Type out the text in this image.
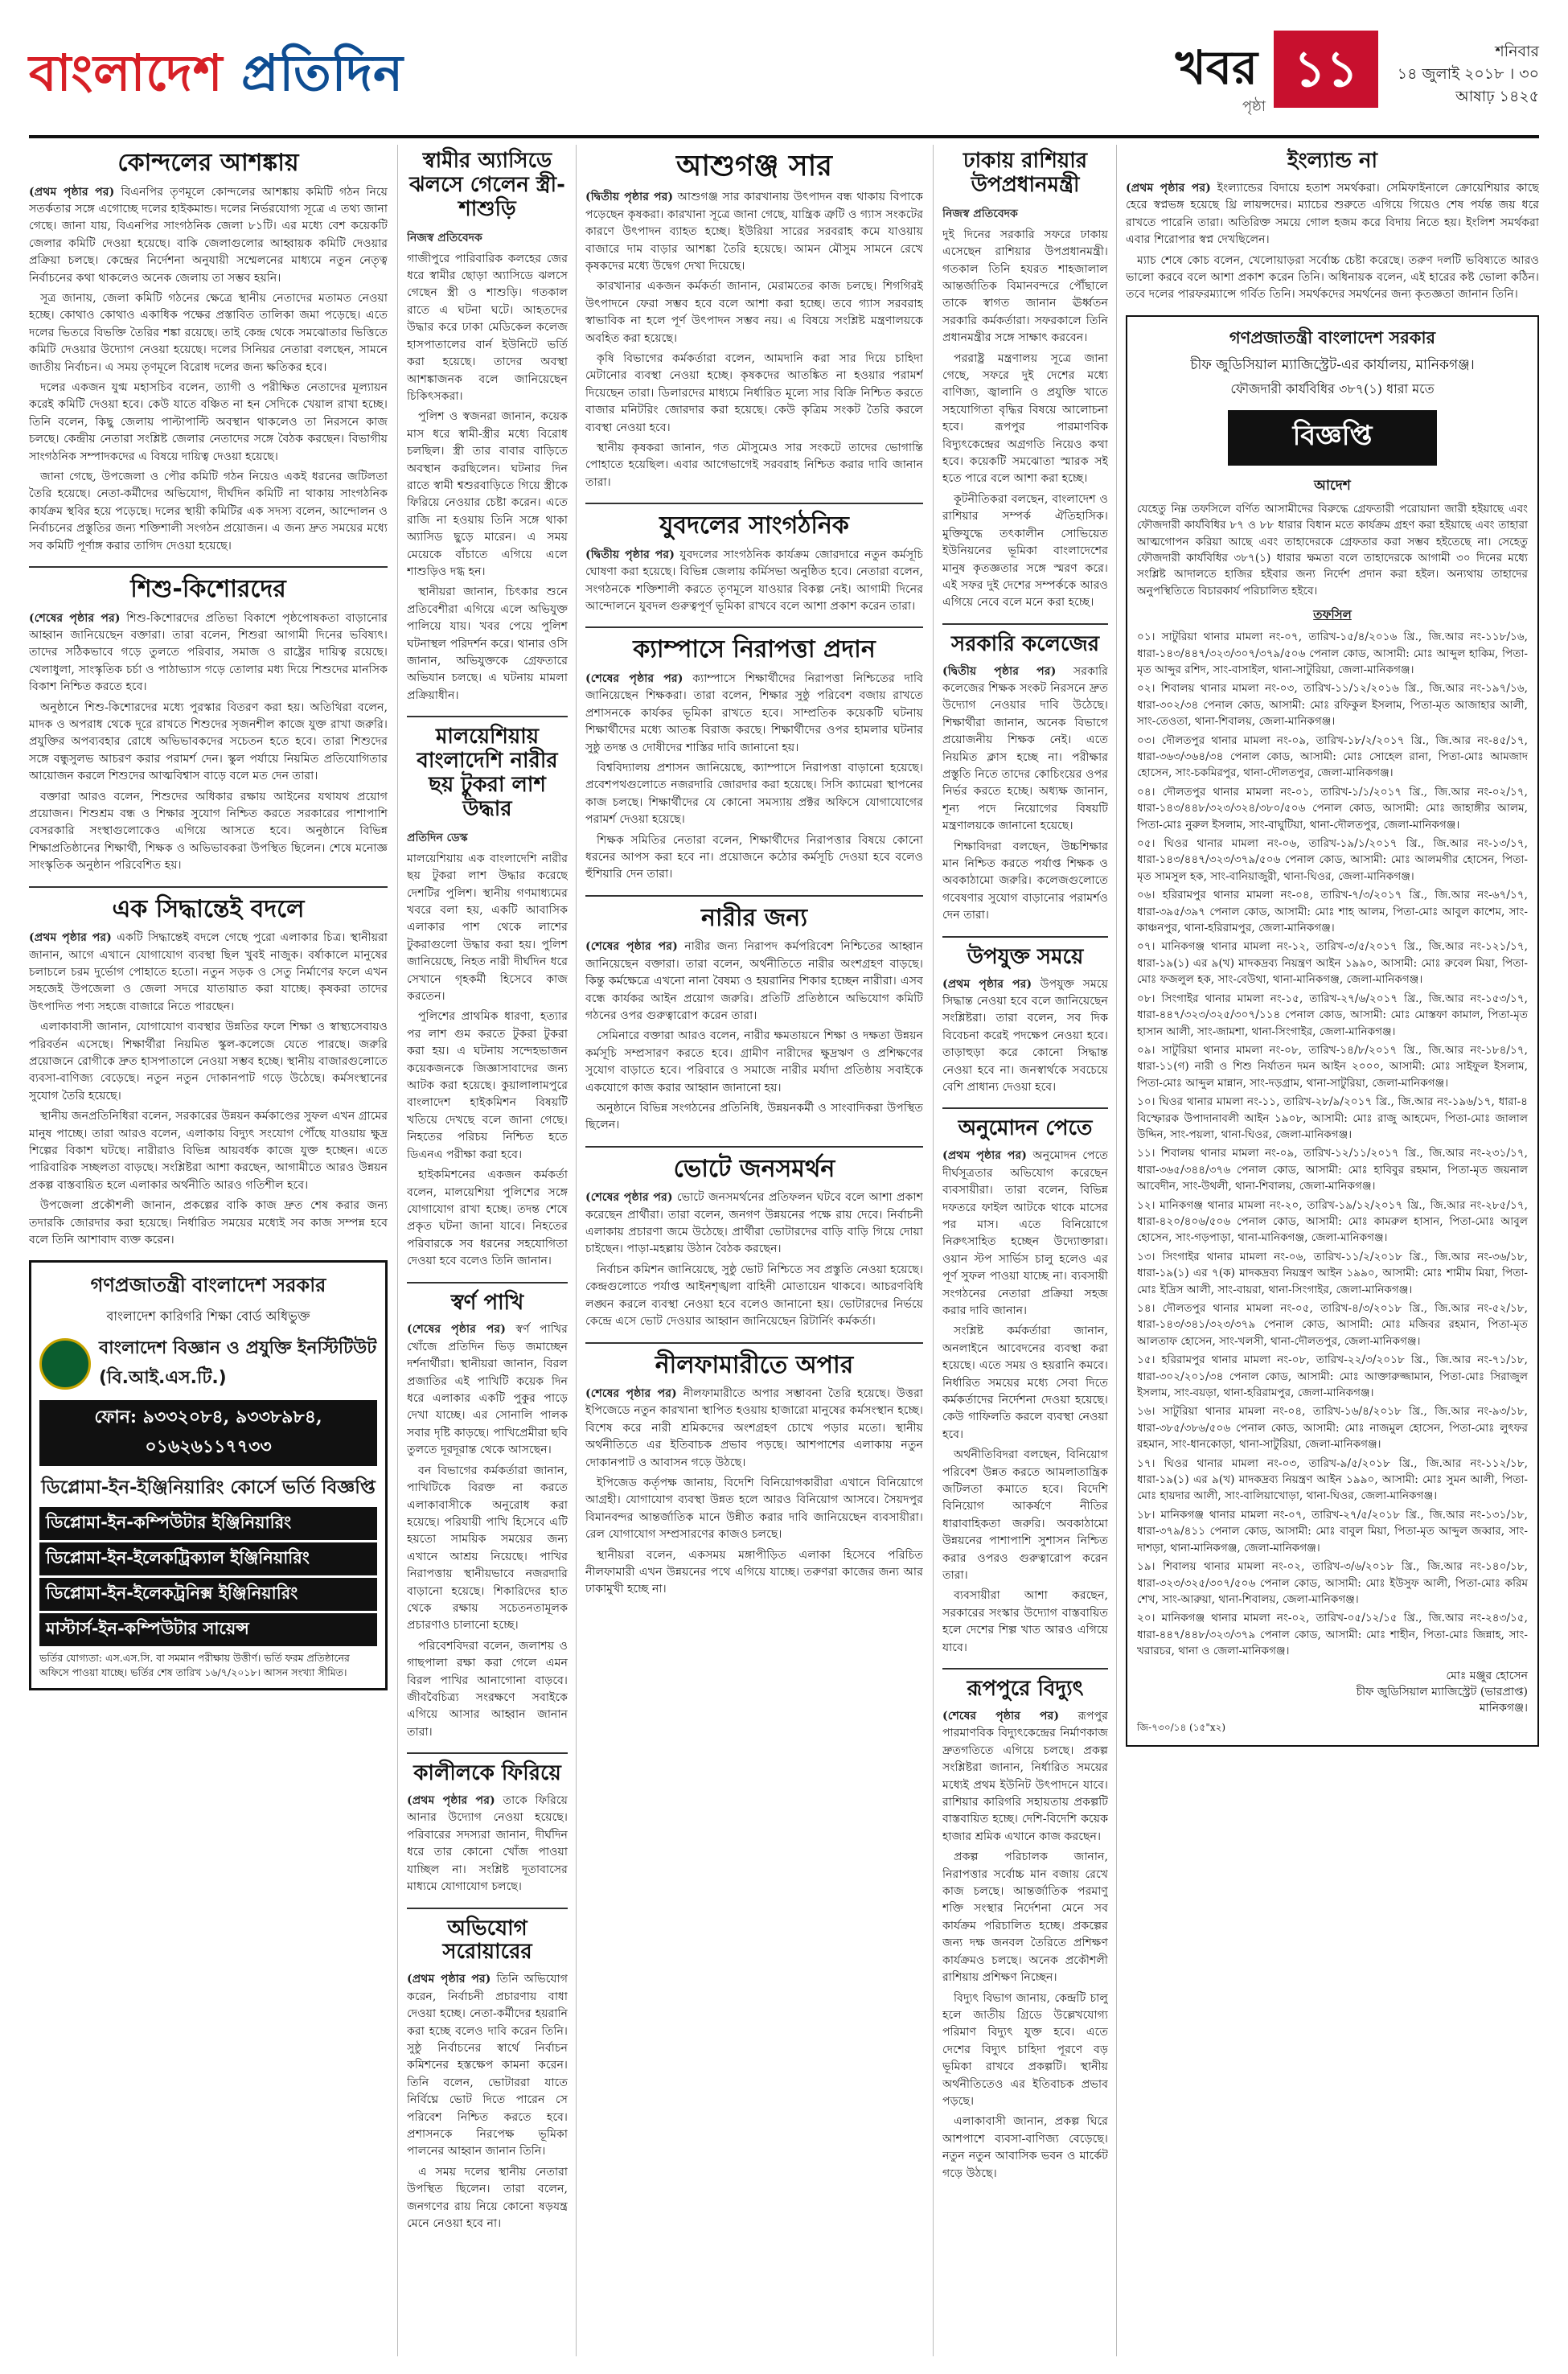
বাংলাদেশ প্রতিদিন	খবর
পৃষ্ঠা
১১	শনিবার
১৪ জুলাই ২০১৮ । ৩০ আষাঢ় ১৪২৫
কোন্দলের আশঙ্কায়

(প্রথম পৃষ্ঠার পর) বিএনপির তৃণমূলে কোন্দলের আশঙ্কায় কমিটি গঠন নিয়ে সতর্কতার সঙ্গে এগোচ্ছে দলের হাইকমান্ড। দলের নির্ভরযোগ্য সূত্রে এ তথ্য জানা গেছে। জানা যায়, বিএনপির সাংগঠনিক জেলা ৮১টি। এর মধ্যে বেশ কয়েকটি জেলার কমিটি দেওয়া হয়েছে। বাকি জেলাগুলোর আহ্বায়ক কমিটি দেওয়ার প্রক্রিয়া চলছে। কেন্দ্রের নির্দেশনা অনুযায়ী সম্মেলনের মাধ্যমে নতুন নেতৃত্ব নির্বাচনের কথা থাকলেও অনেক জেলায় তা সম্ভব হয়নি।

সূত্র জানায়, জেলা কমিটি গঠনের ক্ষেত্রে স্থানীয় নেতাদের মতামত নেওয়া হচ্ছে। কোথাও কোথাও একাধিক পক্ষের প্রস্তাবিত তালিকা জমা পড়েছে। এতে দলের ভিতরে বিভক্তি তৈরির শঙ্কা রয়েছে। তাই কেন্দ্র থেকে সমঝোতার ভিত্তিতে কমিটি দেওয়ার উদ্যোগ নেওয়া হয়েছে। দলের সিনিয়র নেতারা বলছেন, সামনে জাতীয় নির্বাচন। এ সময় তৃণমূলে বিরোধ দলের জন্য ক্ষতিকর হবে।

দলের একজন যুগ্ম মহাসচিব বলেন, ত্যাগী ও পরীক্ষিত নেতাদের মূল্যায়ন করেই কমিটি দেওয়া হবে। কেউ যাতে বঞ্চিত না হন সেদিকে খেয়াল রাখা হচ্ছে। তিনি বলেন, কিছু জেলায় পাল্টাপাল্টি অবস্থান থাকলেও তা নিরসনে কাজ চলছে। কেন্দ্রীয় নেতারা সংশ্লিষ্ট জেলার নেতাদের সঙ্গে বৈঠক করছেন। বিভাগীয় সাংগঠনিক সম্পাদকদের এ বিষয়ে দায়িত্ব দেওয়া হয়েছে।

জানা গেছে, উপজেলা ও পৌর কমিটি গঠন নিয়েও একই ধরনের জটিলতা তৈরি হয়েছে। নেতা-কর্মীদের অভিযোগ, দীর্ঘদিন কমিটি না থাকায় সাংগঠনিক কার্যক্রম স্থবির হয়ে পড়েছে। দলের স্থায়ী কমিটির এক সদস্য বলেন, আন্দোলন ও নির্বাচনের প্রস্তুতির জন্য শক্তিশালী সংগঠন প্রয়োজন। এ জন্য দ্রুত সময়ের মধ্যে সব কমিটি পূর্ণাঙ্গ করার তাগিদ দেওয়া হয়েছে।

শিশু-কিশোরদের

(শেষের পৃষ্ঠার পর) শিশু-কিশোরদের প্রতিভা বিকাশে পৃষ্ঠপোষকতা বাড়ানোর আহ্বান জানিয়েছেন বক্তারা। তারা বলেন, শিশুরা আগামী দিনের ভবিষ্যৎ। তাদের সঠিকভাবে গড়ে তুলতে পরিবার, সমাজ ও রাষ্ট্রের দায়িত্ব রয়েছে। খেলাধুলা, সাংস্কৃতিক চর্চা ও পাঠাভ্যাস গড়ে তোলার মধ্য দিয়ে শিশুদের মানসিক বিকাশ নিশ্চিত করতে হবে।

অনুষ্ঠানে শিশু-কিশোরদের মধ্যে পুরস্কার বিতরণ করা হয়। অতিথিরা বলেন, মাদক ও অপরাধ থেকে দূরে রাখতে শিশুদের সৃজনশীল কাজে যুক্ত রাখা জরুরি। প্রযুক্তির অপব্যবহার রোধে অভিভাবকদের সচেতন হতে হবে। তারা শিশুদের সঙ্গে বন্ধুসুলভ আচরণ করার পরামর্শ দেন। স্কুল পর্যায়ে নিয়মিত প্রতিযোগিতার আয়োজন করলে শিশুদের আত্মবিশ্বাস বাড়ে বলে মত দেন তারা।

বক্তারা আরও বলেন, শিশুদের অধিকার রক্ষায় আইনের যথাযথ প্রয়োগ প্রয়োজন। শিশুশ্রম বন্ধ ও শিক্ষার সুযোগ নিশ্চিত করতে সরকারের পাশাপাশি বেসরকারি সংস্থাগুলোকেও এগিয়ে আসতে হবে। অনুষ্ঠানে বিভিন্ন শিক্ষাপ্রতিষ্ঠানের শিক্ষার্থী, শিক্ষক ও অভিভাবকরা উপস্থিত ছিলেন। শেষে মনোজ্ঞ সাংস্কৃতিক অনুষ্ঠান পরিবেশিত হয়।

এক সিদ্ধান্তেই বদলে

(প্রথম পৃষ্ঠার পর) একটি সিদ্ধান্তেই বদলে গেছে পুরো এলাকার চিত্র। স্থানীয়রা জানান, আগে এখানে যোগাযোগ ব্যবস্থা ছিল খুবই নাজুক। বর্ষাকালে মানুষের চলাচলে চরম দুর্ভোগ পোহাতে হতো। নতুন সড়ক ও সেতু নির্মাণের ফলে এখন সহজেই উপজেলা ও জেলা সদরে যাতায়াত করা যাচ্ছে। কৃষকরা তাদের উৎপাদিত পণ্য সহজে বাজারে নিতে পারছেন।

এলাকাবাসী জানান, যোগাযোগ ব্যবস্থার উন্নতির ফলে শিক্ষা ও স্বাস্থ্যসেবায়ও পরিবর্তন এসেছে। শিক্ষার্থীরা নিয়মিত স্কুল-কলেজে যেতে পারছে। জরুরি প্রয়োজনে রোগীকে দ্রুত হাসপাতালে নেওয়া সম্ভব হচ্ছে। স্থানীয় বাজারগুলোতে ব্যবসা-বাণিজ্য বেড়েছে। নতুন নতুন দোকানপাট গড়ে উঠেছে। কর্মসংস্থানের সুযোগ তৈরি হয়েছে।

স্থানীয় জনপ্রতিনিধিরা বলেন, সরকারের উন্নয়ন কর্মকাণ্ডের সুফল এখন গ্রামের মানুষ পাচ্ছে। তারা আরও বলেন, এলাকায় বিদ্যুৎ সংযোগ পৌঁছে যাওয়ায় ক্ষুদ্র শিল্পের বিকাশ ঘটছে। নারীরাও বিভিন্ন আয়বর্ধক কাজে যুক্ত হচ্ছেন। এতে পারিবারিক সচ্ছলতা বাড়ছে। সংশ্লিষ্টরা আশা করছেন, আগামীতে আরও উন্নয়ন প্রকল্প বাস্তবায়িত হলে এলাকার অর্থনীতি আরও গতিশীল হবে।

উপজেলা প্রকৌশলী জানান, প্রকল্পের বাকি কাজ দ্রুত শেষ করার জন্য তদারকি জোরদার করা হয়েছে। নির্ধারিত সময়ের মধ্যেই সব কাজ সম্পন্ন হবে বলে তিনি আশাবাদ ব্যক্ত করেন।

গণপ্রজাতন্ত্রী বাংলাদেশ সরকার
বাংলাদেশ কারিগরি শিক্ষা বোর্ড অধিভুক্ত
বাংলাদেশ বিজ্ঞান ও প্রযুক্তি ইনস্টিটিউট (বি.আই.এস.টি.)
ফোন: ৯৩৩২০৮৪, ৯৩৩৮৯৮৪, ০১৬২৬১১৭৭৩৩
ডিপ্লোমা-ইন-ইঞ্জিনিয়ারিং কোর্সে ভর্তি বিজ্ঞপ্তি
ডিপ্লোমা-ইন-কম্পিউটার ইঞ্জিনিয়ারিং
ডিপ্লোমা-ইন-ইলেকট্রিক্যাল ইঞ্জিনিয়ারিং
ডিপ্লোমা-ইন-ইলেকট্রনিক্স ইঞ্জিনিয়ারিং
মাস্টার্স-ইন-কম্পিউটার সায়েন্স
ভর্তির যোগ্যতা: এস.এস.সি. বা সমমান পরীক্ষায় উত্তীর্ণ। ভর্তি ফরম প্রতিষ্ঠানের অফিসে পাওয়া যাচ্ছে। ভর্তির শেষ তারিখ ১৬/৭/২০১৮। আসন সংখ্যা সীমিত।
স্বামীর অ্যাসিডে ঝলসে গেলেন স্ত্রী-শাশুড়ি
নিজস্ব প্রতিবেদক

গাজীপুরে পারিবারিক কলহের জের ধরে স্বামীর ছোড়া অ্যাসিডে ঝলসে গেছেন স্ত্রী ও শাশুড়ি। গতকাল রাতে এ ঘটনা ঘটে। আহতদের উদ্ধার করে ঢাকা মেডিকেল কলেজ হাসপাতালের বার্ন ইউনিটে ভর্তি করা হয়েছে। তাদের অবস্থা আশঙ্কাজনক বলে জানিয়েছেন চিকিৎসকরা।

পুলিশ ও স্বজনরা জানান, কয়েক মাস ধরে স্বামী-স্ত্রীর মধ্যে বিরোধ চলছিল। স্ত্রী তার বাবার বাড়িতে অবস্থান করছিলেন। ঘটনার দিন রাতে স্বামী শ্বশুরবাড়িতে গিয়ে স্ত্রীকে ফিরিয়ে নেওয়ার চেষ্টা করেন। এতে রাজি না হওয়ায় তিনি সঙ্গে থাকা অ্যাসিড ছুড়ে মারেন। এ সময় মেয়েকে বাঁচাতে এগিয়ে এলে শাশুড়িও দগ্ধ হন।

স্থানীয়রা জানান, চিৎকার শুনে প্রতিবেশীরা এগিয়ে এলে অভিযুক্ত পালিয়ে যায়। খবর পেয়ে পুলিশ ঘটনাস্থল পরিদর্শন করে। থানার ওসি জানান, অভিযুক্তকে গ্রেফতারে অভিযান চলছে। এ ঘটনায় মামলা প্রক্রিয়াধীন।

মালয়েশিয়ায় বাংলাদেশি নারীর ছয় টুকরা লাশ উদ্ধার
প্রতিদিন ডেস্ক

মালয়েশিয়ায় এক বাংলাদেশি নারীর ছয় টুকরা লাশ উদ্ধার করেছে দেশটির পুলিশ। স্থানীয় গণমাধ্যমের খবরে বলা হয়, একটি আবাসিক এলাকার পাশ থেকে লাশের টুকরাগুলো উদ্ধার করা হয়। পুলিশ জানিয়েছে, নিহত নারী দীর্ঘদিন ধরে সেখানে গৃহকর্মী হিসেবে কাজ করতেন।

পুলিশের প্রাথমিক ধারণা, হত্যার পর লাশ গুম করতে টুকরা টুকরা করা হয়। এ ঘটনায় সন্দেহভাজন কয়েকজনকে জিজ্ঞাসাবাদের জন্য আটক করা হয়েছে। কুয়ালালামপুরে বাংলাদেশ হাইকমিশন বিষয়টি খতিয়ে দেখছে বলে জানা গেছে। নিহতের পরিচয় নিশ্চিত হতে ডিএনএ পরীক্ষা করা হবে।

হাইকমিশনের একজন কর্মকর্তা বলেন, মালয়েশিয়া পুলিশের সঙ্গে যোগাযোগ রাখা হচ্ছে। তদন্ত শেষে প্রকৃত ঘটনা জানা যাবে। নিহতের পরিবারকে সব ধরনের সহযোগিতা দেওয়া হবে বলেও তিনি জানান।

স্বর্ণ পাখি

(শেষের পৃষ্ঠার পর) স্বর্ণ পাখির খোঁজে প্রতিদিন ভিড় জমাচ্ছেন দর্শনার্থীরা। স্থানীয়রা জানান, বিরল প্রজাতির এই পাখিটি কয়েক দিন ধরে এলাকার একটি পুকুর পাড়ে দেখা যাচ্ছে। এর সোনালি পালক সবার দৃষ্টি কাড়ছে। পাখিপ্রেমীরা ছবি তুলতে দূরদূরান্ত থেকে আসছেন।

বন বিভাগের কর্মকর্তারা জানান, পাখিটিকে বিরক্ত না করতে এলাকাবাসীকে অনুরোধ করা হয়েছে। পরিযায়ী পাখি হিসেবে এটি হয়তো সাময়িক সময়ের জন্য এখানে আশ্রয় নিয়েছে। পাখির নিরাপত্তায় স্থানীয়ভাবে নজরদারি বাড়ানো হয়েছে। শিকারিদের হাত থেকে রক্ষায় সচেতনতামূলক প্রচারণাও চালানো হচ্ছে।

পরিবেশবিদরা বলেন, জলাশয় ও গাছপালা রক্ষা করা গেলে এমন বিরল পাখির আনাগোনা বাড়বে। জীববৈচিত্র্য সংরক্ষণে সবাইকে এগিয়ে আসার আহ্বান জানান তারা।

কালীলকে ফিরিয়ে

(প্রথম পৃষ্ঠার পর) তাকে ফিরিয়ে আনার উদ্যোগ নেওয়া হয়েছে। পরিবারের সদস্যরা জানান, দীর্ঘদিন ধরে তার কোনো খোঁজ পাওয়া যাচ্ছিল না। সংশ্লিষ্ট দূতাবাসের মাধ্যমে যোগাযোগ চলছে।

অভিযোগ সরোয়ারের

(প্রথম পৃষ্ঠার পর) তিনি অভিযোগ করেন, নির্বাচনী প্রচারণায় বাধা দেওয়া হচ্ছে। নেতা-কর্মীদের হয়রানি করা হচ্ছে বলেও দাবি করেন তিনি। সুষ্ঠু নির্বাচনের স্বার্থে নির্বাচন কমিশনের হস্তক্ষেপ কামনা করেন। তিনি বলেন, ভোটাররা যাতে নির্বিঘ্নে ভোট দিতে পারেন সে পরিবেশ নিশ্চিত করতে হবে। প্রশাসনকে নিরপেক্ষ ভূমিকা পালনের আহ্বান জানান তিনি।

এ সময় দলের স্থানীয় নেতারা উপস্থিত ছিলেন। তারা বলেন, জনগণের রায় নিয়ে কোনো ষড়যন্ত্র মেনে নেওয়া হবে না।

আশুগঞ্জ সার

(দ্বিতীয় পৃষ্ঠার পর) আশুগঞ্জ সার কারখানায় উৎপাদন বন্ধ থাকায় বিপাকে পড়েছেন কৃষকরা। কারখানা সূত্রে জানা গেছে, যান্ত্রিক ত্রুটি ও গ্যাস সংকটের কারণে উৎপাদন ব্যাহত হচ্ছে। ইউরিয়া সারের সরবরাহ কমে যাওয়ায় বাজারে দাম বাড়ার আশঙ্কা তৈরি হয়েছে। আমন মৌসুম সামনে রেখে কৃষকদের মধ্যে উদ্বেগ দেখা দিয়েছে।

কারখানার একজন কর্মকর্তা জানান, মেরামতের কাজ চলছে। শিগগিরই উৎপাদনে ফেরা সম্ভব হবে বলে আশা করা হচ্ছে। তবে গ্যাস সরবরাহ স্বাভাবিক না হলে পূর্ণ উৎপাদন সম্ভব নয়। এ বিষয়ে সংশ্লিষ্ট মন্ত্রণালয়কে অবহিত করা হয়েছে।

কৃষি বিভাগের কর্মকর্তারা বলেন, আমদানি করা সার দিয়ে চাহিদা মেটানোর ব্যবস্থা নেওয়া হচ্ছে। কৃষকদের আতঙ্কিত না হওয়ার পরামর্শ দিয়েছেন তারা। ডিলারদের মাধ্যমে নির্ধারিত মূল্যে সার বিক্রি নিশ্চিত করতে বাজার মনিটরিং জোরদার করা হয়েছে। কেউ কৃত্রিম সংকট তৈরি করলে ব্যবস্থা নেওয়া হবে।

স্থানীয় কৃষকরা জানান, গত মৌসুমেও সার সংকটে তাদের ভোগান্তি পোহাতে হয়েছিল। এবার আগেভাগেই সরবরাহ নিশ্চিত করার দাবি জানান তারা।

যুবদলের সাংগঠনিক

(দ্বিতীয় পৃষ্ঠার পর) যুবদলের সাংগঠনিক কার্যক্রম জোরদারে নতুন কর্মসূচি ঘোষণা করা হয়েছে। বিভিন্ন জেলায় কর্মিসভা অনুষ্ঠিত হবে। নেতারা বলেন, সংগঠনকে শক্তিশালী করতে তৃণমূলে যাওয়ার বিকল্প নেই। আগামী দিনের আন্দোলনে যুবদল গুরুত্বপূর্ণ ভূমিকা রাখবে বলে আশা প্রকাশ করেন তারা।

ক্যাম্পাসে নিরাপত্তা প্রদান

(শেষের পৃষ্ঠার পর) ক্যাম্পাসে শিক্ষার্থীদের নিরাপত্তা নিশ্চিতের দাবি জানিয়েছেন শিক্ষকরা। তারা বলেন, শিক্ষার সুষ্ঠু পরিবেশ বজায় রাখতে প্রশাসনকে কার্যকর ভূমিকা রাখতে হবে। সাম্প্রতিক কয়েকটি ঘটনায় শিক্ষার্থীদের মধ্যে আতঙ্ক বিরাজ করছে। শিক্ষার্থীদের ওপর হামলার ঘটনার সুষ্ঠু তদন্ত ও দোষীদের শাস্তির দাবি জানানো হয়।

বিশ্ববিদ্যালয় প্রশাসন জানিয়েছে, ক্যাম্পাসে নিরাপত্তা বাড়ানো হয়েছে। প্রবেশপথগুলোতে নজরদারি জোরদার করা হয়েছে। সিসি ক্যামেরা স্থাপনের কাজ চলছে। শিক্ষার্থীদের যে কোনো সমস্যায় প্রক্টর অফিসে যোগাযোগের পরামর্শ দেওয়া হয়েছে।

শিক্ষক সমিতির নেতারা বলেন, শিক্ষার্থীদের নিরাপত্তার বিষয়ে কোনো ধরনের আপস করা হবে না। প্রয়োজনে কঠোর কর্মসূচি দেওয়া হবে বলেও হুঁশিয়ারি দেন তারা।

নারীর জন্য

(শেষের পৃষ্ঠার পর) নারীর জন্য নিরাপদ কর্মপরিবেশ নিশ্চিতের আহ্বান জানিয়েছেন বক্তারা। তারা বলেন, অর্থনীতিতে নারীর অংশগ্রহণ বাড়ছে। কিন্তু কর্মক্ষেত্রে এখনো নানা বৈষম্য ও হয়রানির শিকার হচ্ছেন নারীরা। এসব বন্ধে কার্যকর আইন প্রয়োগ জরুরি। প্রতিটি প্রতিষ্ঠানে অভিযোগ কমিটি গঠনের ওপর গুরুত্বারোপ করেন তারা।

সেমিনারে বক্তারা আরও বলেন, নারীর ক্ষমতায়নে শিক্ষা ও দক্ষতা উন্নয়ন কর্মসূচি সম্প্রসারণ করতে হবে। গ্রামীণ নারীদের ক্ষুদ্রঋণ ও প্রশিক্ষণের সুযোগ বাড়াতে হবে। পরিবারে ও সমাজে নারীর মর্যাদা প্রতিষ্ঠায় সবাইকে একযোগে কাজ করার আহ্বান জানানো হয়।

অনুষ্ঠানে বিভিন্ন সংগঠনের প্রতিনিধি, উন্নয়নকর্মী ও সাংবাদিকরা উপস্থিত ছিলেন।

ভোটে জনসমর্থন

(শেষের পৃষ্ঠার পর) ভোটে জনসমর্থনের প্রতিফলন ঘটবে বলে আশা প্রকাশ করেছেন প্রার্থীরা। তারা বলেন, জনগণ উন্নয়নের পক্ষে রায় দেবে। নির্বাচনী এলাকায় প্রচারণা জমে উঠেছে। প্রার্থীরা ভোটারদের বাড়ি বাড়ি গিয়ে দোয়া চাইছেন। পাড়া-মহল্লায় উঠান বৈঠক করছেন।

নির্বাচন কমিশন জানিয়েছে, সুষ্ঠু ভোট নিশ্চিতে সব প্রস্তুতি নেওয়া হয়েছে। কেন্দ্রগুলোতে পর্যাপ্ত আইনশৃঙ্খলা বাহিনী মোতায়েন থাকবে। আচরণবিধি লঙ্ঘন করলে ব্যবস্থা নেওয়া হবে বলেও জানানো হয়। ভোটারদের নির্ভয়ে কেন্দ্রে এসে ভোট দেওয়ার আহ্বান জানিয়েছেন রিটার্নিং কর্মকর্তা।

নীলফামারীতে অপার

(শেষের পৃষ্ঠার পর) নীলফামারীতে অপার সম্ভাবনা তৈরি হয়েছে। উত্তরা ইপিজেডে নতুন কারখানা স্থাপিত হওয়ায় হাজারো মানুষের কর্মসংস্থান হচ্ছে। বিশেষ করে নারী শ্রমিকদের অংশগ্রহণ চোখে পড়ার মতো। স্থানীয় অর্থনীতিতে এর ইতিবাচক প্রভাব পড়ছে। আশপাশের এলাকায় নতুন দোকানপাট ও আবাসন গড়ে উঠছে।

ইপিজেড কর্তৃপক্ষ জানায়, বিদেশি বিনিয়োগকারীরা এখানে বিনিয়োগে আগ্রহী। যোগাযোগ ব্যবস্থা উন্নত হলে আরও বিনিয়োগ আসবে। সৈয়দপুর বিমানবন্দর আন্তর্জাতিক মানে উন্নীত করার দাবি জানিয়েছেন ব্যবসায়ীরা। রেল যোগাযোগ সম্প্রসারণের কাজও চলছে।

স্থানীয়রা বলেন, একসময় মঙ্গাপীড়িত এলাকা হিসেবে পরিচিত নীলফামারী এখন উন্নয়নের পথে এগিয়ে যাচ্ছে। তরুণরা কাজের জন্য আর ঢাকামুখী হচ্ছে না।

ঢাকায় রাশিয়ার উপপ্রধানমন্ত্রী
নিজস্ব প্রতিবেদক

দুই দিনের সরকারি সফরে ঢাকায় এসেছেন রাশিয়ার উপপ্রধানমন্ত্রী। গতকাল তিনি হযরত শাহজালাল আন্তর্জাতিক বিমানবন্দরে পৌঁছালে তাকে স্বাগত জানান ঊর্ধ্বতন সরকারি কর্মকর্তারা। সফরকালে তিনি প্রধানমন্ত্রীর সঙ্গে সাক্ষাৎ করবেন।

পররাষ্ট্র মন্ত্রণালয় সূত্রে জানা গেছে, সফরে দুই দেশের মধ্যে বাণিজ্য, জ্বালানি ও প্রযুক্তি খাতে সহযোগিতা বৃদ্ধির বিষয়ে আলোচনা হবে। রূপপুর পারমাণবিক বিদ্যুৎকেন্দ্রের অগ্রগতি নিয়েও কথা হবে। কয়েকটি সমঝোতা স্মারক সই হতে পারে বলে আশা করা হচ্ছে।

কূটনীতিকরা বলছেন, বাংলাদেশ ও রাশিয়ার সম্পর্ক ঐতিহাসিক। মুক্তিযুদ্ধে তৎকালীন সোভিয়েত ইউনিয়নের ভূমিকা বাংলাদেশের মানুষ কৃতজ্ঞতার সঙ্গে স্মরণ করে। এই সফর দুই দেশের সম্পর্ককে আরও এগিয়ে নেবে বলে মনে করা হচ্ছে।

সরকারি কলেজের

(দ্বিতীয় পৃষ্ঠার পর) সরকারি কলেজের শিক্ষক সংকট নিরসনে দ্রুত উদ্যোগ নেওয়ার দাবি উঠেছে। শিক্ষার্থীরা জানান, অনেক বিভাগে প্রয়োজনীয় শিক্ষক নেই। এতে নিয়মিত ক্লাস হচ্ছে না। পরীক্ষার প্রস্তুতি নিতে তাদের কোচিংয়ের ওপর নির্ভর করতে হচ্ছে। অধ্যক্ষ জানান, শূন্য পদে নিয়োগের বিষয়টি মন্ত্রণালয়কে জানানো হয়েছে।

শিক্ষাবিদরা বলছেন, উচ্চশিক্ষার মান নিশ্চিত করতে পর্যাপ্ত শিক্ষক ও অবকাঠামো জরুরি। কলেজগুলোতে গবেষণার সুযোগ বাড়ানোর পরামর্শও দেন তারা।

উপযুক্ত সময়ে

(প্রথম পৃষ্ঠার পর) উপযুক্ত সময়ে সিদ্ধান্ত নেওয়া হবে বলে জানিয়েছেন সংশ্লিষ্টরা। তারা বলেন, সব দিক বিবেচনা করেই পদক্ষেপ নেওয়া হবে। তাড়াহুড়া করে কোনো সিদ্ধান্ত নেওয়া হবে না। জনস্বার্থকে সবচেয়ে বেশি প্রাধান্য দেওয়া হবে।

অনুমোদন পেতে

(প্রথম পৃষ্ঠার পর) অনুমোদন পেতে দীর্ঘসূত্রতার অভিযোগ করেছেন ব্যবসায়ীরা। তারা বলেন, বিভিন্ন দফতরে ফাইল আটকে থাকে মাসের পর মাস। এতে বিনিয়োগে নিরুৎসাহিত হচ্ছেন উদ্যোক্তারা। ওয়ান স্টপ সার্ভিস চালু হলেও এর পূর্ণ সুফল পাওয়া যাচ্ছে না। ব্যবসায়ী সংগঠনের নেতারা প্রক্রিয়া সহজ করার দাবি জানান।

সংশ্লিষ্ট কর্মকর্তারা জানান, অনলাইনে আবেদনের ব্যবস্থা করা হয়েছে। এতে সময় ও হয়রানি কমবে। নির্ধারিত সময়ের মধ্যে সেবা দিতে কর্মকর্তাদের নির্দেশনা দেওয়া হয়েছে। কেউ গাফিলতি করলে ব্যবস্থা নেওয়া হবে।

অর্থনীতিবিদরা বলছেন, বিনিয়োগ পরিবেশ উন্নত করতে আমলাতান্ত্রিক জটিলতা কমাতে হবে। বিদেশি বিনিয়োগ আকর্ষণে নীতির ধারাবাহিকতা জরুরি। অবকাঠামো উন্নয়নের পাশাপাশি সুশাসন নিশ্চিত করার ওপরও গুরুত্বারোপ করেন তারা।

ব্যবসায়ীরা আশা করছেন, সরকারের সংস্কার উদ্যোগ বাস্তবায়িত হলে দেশের শিল্প খাত আরও এগিয়ে যাবে।

রূপপুরে বিদ্যুৎ

(শেষের পৃষ্ঠার পর) রূপপুর পারমাণবিক বিদ্যুৎকেন্দ্রের নির্মাণকাজ দ্রুতগতিতে এগিয়ে চলছে। প্রকল্প সংশ্লিষ্টরা জানান, নির্ধারিত সময়ের মধ্যেই প্রথম ইউনিট উৎপাদনে যাবে। রাশিয়ার কারিগরি সহায়তায় প্রকল্পটি বাস্তবায়িত হচ্ছে। দেশি-বিদেশি কয়েক হাজার শ্রমিক এখানে কাজ করছেন।

প্রকল্প পরিচালক জানান, নিরাপত্তার সর্বোচ্চ মান বজায় রেখে কাজ চলছে। আন্তর্জাতিক পরমাণু শক্তি সংস্থার নির্দেশনা মেনে সব কার্যক্রম পরিচালিত হচ্ছে। প্রকল্পের জন্য দক্ষ জনবল তৈরিতে প্রশিক্ষণ কার্যক্রমও চলছে। অনেক প্রকৌশলী রাশিয়ায় প্রশিক্ষণ নিচ্ছেন।

বিদ্যুৎ বিভাগ জানায়, কেন্দ্রটি চালু হলে জাতীয় গ্রিডে উল্লেখযোগ্য পরিমাণ বিদ্যুৎ যুক্ত হবে। এতে দেশের বিদ্যুৎ চাহিদা পূরণে বড় ভূমিকা রাখবে প্রকল্পটি। স্থানীয় অর্থনীতিতেও এর ইতিবাচক প্রভাব পড়ছে।

এলাকাবাসী জানান, প্রকল্প ঘিরে আশপাশে ব্যবসা-বাণিজ্য বেড়েছে। নতুন নতুন আবাসিক ভবন ও মার্কেট গড়ে উঠছে।

ইংল্যান্ড না

(প্রথম পৃষ্ঠার পর) ইংল্যান্ডের বিদায়ে হতাশ সমর্থকরা। সেমিফাইনালে ক্রোয়েশিয়ার কাছে হেরে স্বপ্নভঙ্গ হয়েছে থ্রি লায়ন্সদের। ম্যাচের শুরুতে এগিয়ে গিয়েও শেষ পর্যন্ত জয় ধরে রাখতে পারেনি তারা। অতিরিক্ত সময়ে গোল হজম করে বিদায় নিতে হয়। ইংলিশ সমর্থকরা এবার শিরোপার স্বপ্ন দেখছিলেন।

ম্যাচ শেষে কোচ বলেন, খেলোয়াড়রা সর্বোচ্চ চেষ্টা করেছে। তরুণ দলটি ভবিষ্যতে আরও ভালো করবে বলে আশা প্রকাশ করেন তিনি। অধিনায়ক বলেন, এই হারের কষ্ট ভোলা কঠিন। তবে দলের পারফরম্যান্সে গর্বিত তিনি। সমর্থকদের সমর্থনের জন্য কৃতজ্ঞতা জানান তিনি।

গণপ্রজাতন্ত্রী বাংলাদেশ সরকার
চীফ জুডিসিয়াল ম্যাজিস্ট্রেট-এর কার্যালয়, মানিকগঞ্জ।
ফৌজদারী কার্যবিধির ৩৮৭(১) ধারা মতে
বিজ্ঞপ্তি
আদেশ
যেহেতু নিম্ন তফসিলে বর্ণিত আসামীদের বিরুদ্ধে গ্রেফতারী পরোয়ানা জারী হইয়াছে এবং ফৌজদারী কার্যবিধির ৮৭ ও ৮৮ ধারার বিধান মতে কার্যক্রম গ্রহণ করা হইয়াছে এবং তাহারা আত্মগোপন করিয়া আছে এবং তাহাদেরকে গ্রেফতার করা সম্ভব হইতেছে না। সেহেতু ফৌজদারী কার্যবিধির ৩৮৭(১) ধারার ক্ষমতা বলে তাহাদেরকে আগামী ৩০ দিনের মধ্যে সংশ্লিষ্ট আদালতে হাজির হইবার জন্য নির্দেশ প্রদান করা হইল। অন্যথায় তাহাদের অনুপস্থিতিতে বিচারকার্য পরিচালিত হইবে।
তফসিল
০১। সাটুরিয়া থানার মামলা নং-০৭, তারিখ-১৫/৪/২০১৬ খ্রি., জি.আর নং-১১৮/১৬, ধারা-১৪৩/৪৪৭/৩২৩/৩০৭/৩৭৯/৫০৬ পেনাল কোড, আসামী: মোঃ আব্দুল হাকিম, পিতা-মৃত আব্দুর রশিদ, সাং-বাসাইল, থানা-সাটুরিয়া, জেলা-মানিকগঞ্জ।
০২। শিবালয় থানার মামলা নং-০৩, তারিখ-১১/১২/২০১৬ খ্রি., জি.আর নং-১৯৭/১৬, ধারা-৩০২/৩৪ পেনাল কোড, আসামী: মোঃ রফিকুল ইসলাম, পিতা-মৃত আজাহার আলী, সাং-তেওতা, থানা-শিবালয়, জেলা-মানিকগঞ্জ।
০৩। দৌলতপুর থানার মামলা নং-০৯, তারিখ-১৮/২/২০১৭ খ্রি., জি.আর নং-৪৫/১৭, ধারা-৩৬৩/৩৬৪/৩৪ পেনাল কোড, আসামী: মোঃ সোহেল রানা, পিতা-মোঃ আমজাদ হোসেন, সাং-চকমিরপুর, থানা-দৌলতপুর, জেলা-মানিকগঞ্জ।
০৪। দৌলতপুর থানার মামলা নং-০১, তারিখ-১/১/২০১৭ খ্রি., জি.আর নং-০২/১৭, ধারা-১৪৩/৪৪৮/৩২৩/৩২৪/৩৮০/৫০৬ পেনাল কোড, আসামী: মোঃ জাহাঙ্গীর আলম, পিতা-মোঃ নুরুল ইসলাম, সাং-বাঘুটিয়া, থানা-দৌলতপুর, জেলা-মানিকগঞ্জ।
০৫। ঘিওর থানার মামলা নং-০৬, তারিখ-১৯/১/২০১৭ খ্রি., জি.আর নং-১৩/১৭, ধারা-১৪৩/৪৪৭/৩২৩/৩৭৯/৫০৬ পেনাল কোড, আসামী: মোঃ আলমগীর হোসেন, পিতা-মৃত সামসুল হক, সাং-বানিয়াজুরী, থানা-ঘিওর, জেলা-মানিকগঞ্জ।
০৬। হরিরামপুর থানার মামলা নং-০৪, তারিখ-৭/৩/২০১৭ খ্রি., জি.আর নং-৬৭/১৭, ধারা-৩৯৫/৩৯৭ পেনাল কোড, আসামী: মোঃ শাহ আলম, পিতা-মোঃ আবুল কাশেম, সাং-কাঞ্চনপুর, থানা-হরিরামপুর, জেলা-মানিকগঞ্জ।
০৭। মানিকগঞ্জ থানার মামলা নং-১২, তারিখ-৩/৫/২০১৭ খ্রি., জি.আর নং-১২১/১৭, ধারা-১৯(১) এর ৯(খ) মাদকদ্রব্য নিয়ন্ত্রণ আইন ১৯৯০, আসামী: মোঃ রুবেল মিয়া, পিতা-মোঃ ফজলুল হক, সাং-বেউথা, থানা-মানিকগঞ্জ, জেলা-মানিকগঞ্জ।
০৮। সিংগাইর থানার মামলা নং-১৫, তারিখ-২৭/৬/২০১৭ খ্রি., জি.আর নং-১৫৩/১৭, ধারা-৪৪৭/৩২৩/৩২৫/৩০৭/১১৪ পেনাল কোড, আসামী: মোঃ মোস্তফা কামাল, পিতা-মৃত হাসান আলী, সাং-জামশা, থানা-সিংগাইর, জেলা-মানিকগঞ্জ।
০৯। সাটুরিয়া থানার মামলা নং-০৮, তারিখ-১৪/৮/২০১৭ খ্রি., জি.আর নং-১৮৪/১৭, ধারা-১১(গ) নারী ও শিশু নির্যাতন দমন আইন ২০০০, আসামী: মোঃ সাইফুল ইসলাম, পিতা-মোঃ আব্দুল মান্নান, সাং-দড়গ্রাম, থানা-সাটুরিয়া, জেলা-মানিকগঞ্জ।
১০। ঘিওর থানার মামলা নং-১১, তারিখ-২৮/৯/২০১৭ খ্রি., জি.আর নং-১৯৬/১৭, ধারা-৪ বিস্ফোরক উপাদানাবলী আইন ১৯০৮, আসামী: মোঃ রাজু আহমেদ, পিতা-মোঃ জালাল উদ্দিন, সাং-পয়লা, থানা-ঘিওর, জেলা-মানিকগঞ্জ।
১১। শিবালয় থানার মামলা নং-০৯, তারিখ-১২/১১/২০১৭ খ্রি., জি.আর নং-২৩১/১৭, ধারা-৩৬৫/৩৪৪/৩৭৬ পেনাল কোড, আসামী: মোঃ হাবিবুর রহমান, পিতা-মৃত জয়নাল আবেদীন, সাং-উথলী, থানা-শিবালয়, জেলা-মানিকগঞ্জ।
১২। মানিকগঞ্জ থানার মামলা নং-২০, তারিখ-১৯/১২/২০১৭ খ্রি., জি.আর নং-২৮৫/১৭, ধারা-৪২০/৪০৬/৫০৬ পেনাল কোড, আসামী: মোঃ কামরুল হাসান, পিতা-মোঃ আবুল হোসেন, সাং-গড়পাড়া, থানা-মানিকগঞ্জ, জেলা-মানিকগঞ্জ।
১৩। সিংগাইর থানার মামলা নং-০৬, তারিখ-১১/২/২০১৮ খ্রি., জি.আর নং-৩৬/১৮, ধারা-১৯(১) এর ৭(ক) মাদকদ্রব্য নিয়ন্ত্রণ আইন ১৯৯০, আসামী: মোঃ শামীম মিয়া, পিতা-মোঃ ইদ্রিস আলী, সাং-বায়রা, থানা-সিংগাইর, জেলা-মানিকগঞ্জ।
১৪। দৌলতপুর থানার মামলা নং-০৫, তারিখ-৪/৩/২০১৮ খ্রি., জি.আর নং-৫২/১৮, ধারা-১৪৩/৩৪১/৩২৩/৩৭৯ পেনাল কোড, আসামী: মোঃ মজিবর রহমান, পিতা-মৃত আলতাফ হোসেন, সাং-খলসী, থানা-দৌলতপুর, জেলা-মানিকগঞ্জ।
১৫। হরিরামপুর থানার মামলা নং-০৮, তারিখ-২২/৩/২০১৮ খ্রি., জি.আর নং-৭১/১৮, ধারা-৩০২/২০১/৩৪ পেনাল কোড, আসামী: মোঃ আক্তারুজ্জামান, পিতা-মোঃ সিরাজুল ইসলাম, সাং-বয়ড়া, থানা-হরিরামপুর, জেলা-মানিকগঞ্জ।
১৬। সাটুরিয়া থানার মামলা নং-০৪, তারিখ-১৬/৪/২০১৮ খ্রি., জি.আর নং-৯৩/১৮, ধারা-৩৮৫/৩৮৬/৫০৬ পেনাল কোড, আসামী: মোঃ নাজমুল হোসেন, পিতা-মোঃ লুৎফর রহমান, সাং-ধানকোড়া, থানা-সাটুরিয়া, জেলা-মানিকগঞ্জ।
১৭। ঘিওর থানার মামলা নং-০৩, তারিখ-৯/৫/২০১৮ খ্রি., জি.আর নং-১১২/১৮, ধারা-১৯(১) এর ৯(খ) মাদকদ্রব্য নিয়ন্ত্রণ আইন ১৯৯০, আসামী: মোঃ সুমন আলী, পিতা-মোঃ হায়দার আলী, সাং-বালিয়াখোড়া, থানা-ঘিওর, জেলা-মানিকগঞ্জ।
১৮। মানিকগঞ্জ থানার মামলা নং-০৭, তারিখ-২৭/৫/২০১৮ খ্রি., জি.আর নং-১৩১/১৮, ধারা-৩৭৯/৪১১ পেনাল কোড, আসামী: মোঃ বাবুল মিয়া, পিতা-মৃত আব্দুল জব্বার, সাং-দাশড়া, থানা-মানিকগঞ্জ, জেলা-মানিকগঞ্জ।
১৯। শিবালয় থানার মামলা নং-০২, তারিখ-৩/৬/২০১৮ খ্রি., জি.আর নং-১৪০/১৮, ধারা-৩২৩/৩২৫/৩০৭/৫০৬ পেনাল কোড, আসামী: মোঃ ইউসুফ আলী, পিতা-মোঃ করিম শেখ, সাং-আরুয়া, থানা-শিবালয়, জেলা-মানিকগঞ্জ।
২০। মানিকগঞ্জ থানার মামলা নং-০২, তারিখ-০৫/১২/১৫ খ্রি., জি.আর নং-২৪৩/১৫, ধারা-৪৪৭/৪৪৮/৩২৩/৩৭৯ পেনাল কোড, আসামী: মোঃ শাহীন, পিতা-মোঃ জিন্নাহ, সাং-খরারচর, থানা ও জেলা-মানিকগঞ্জ।
মোঃ মঞ্জুর হোসেন
চীফ জুডিসিয়াল ম্যাজিস্ট্রেট (ভারপ্রাপ্ত)
মানিকগঞ্জ।
জি-৭৩০/১৪ (১৫"x২)
